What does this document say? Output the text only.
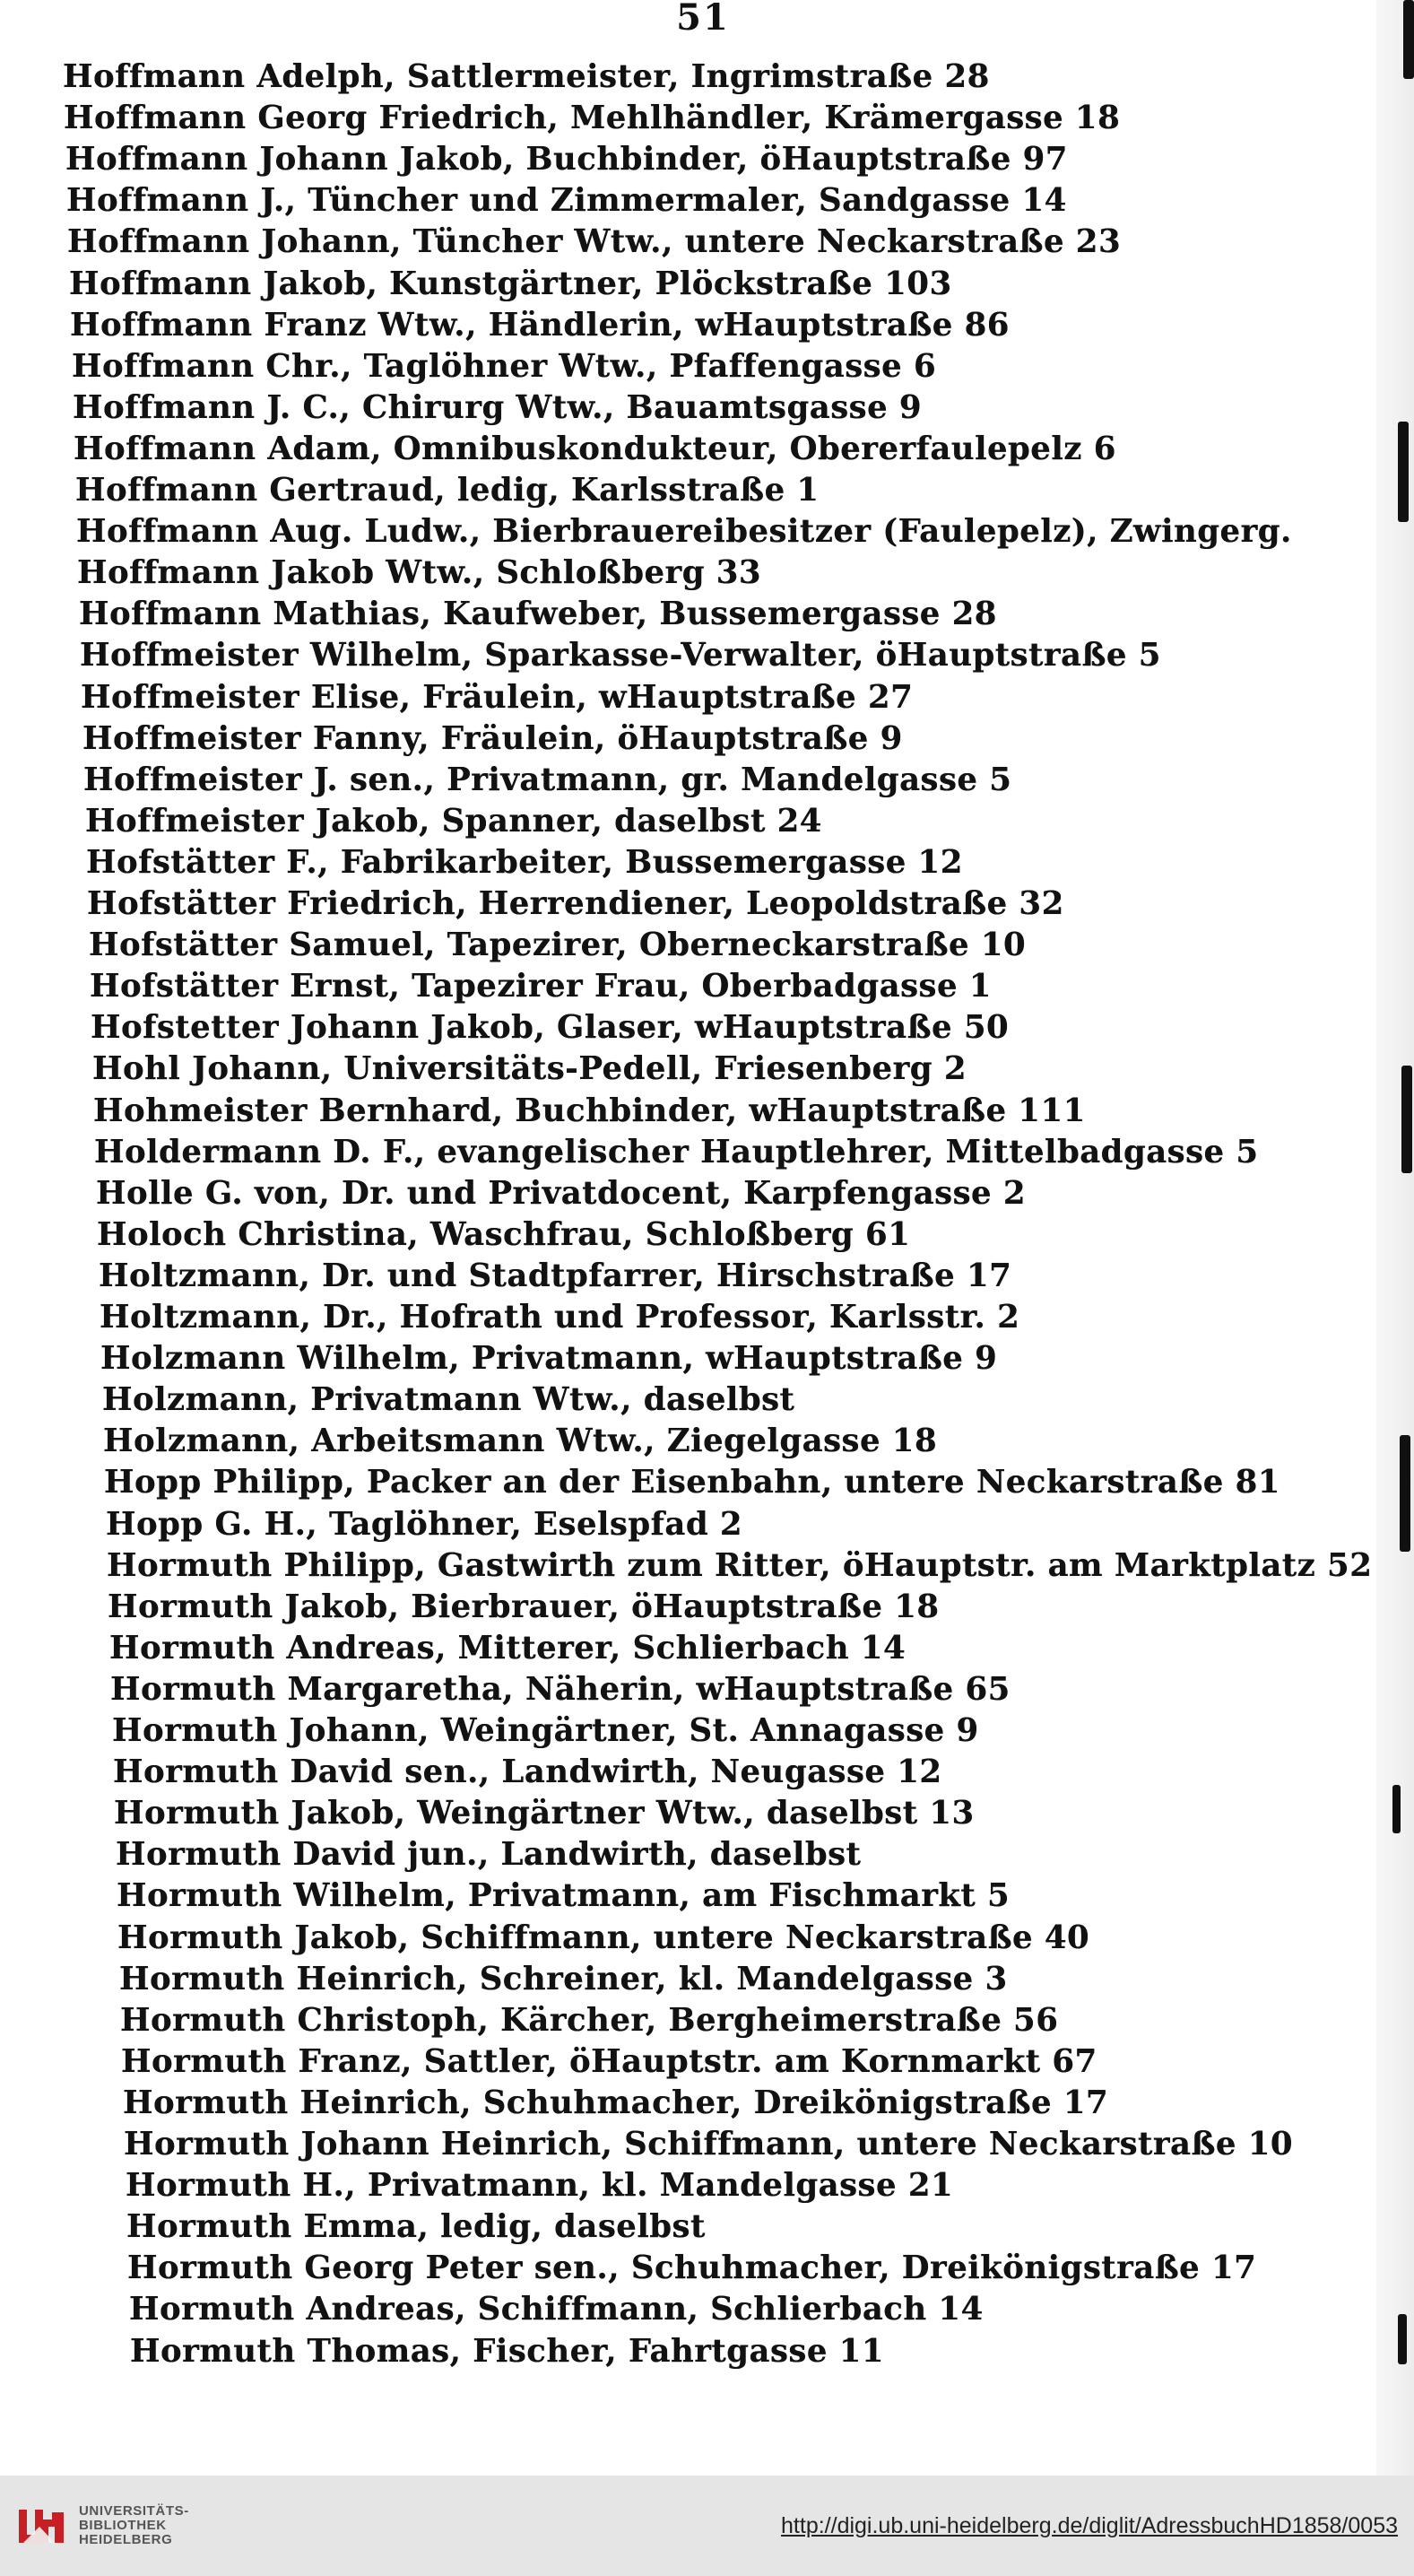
51
Hoffmann Adelph, Sattlermeister, Ingrimstraße 28
Hoffmann Georg Friedrich, Mehlhändler, Krämergasse 18
Hoffmann Johann Jakob, Buchbinder, öHauptstraße 97
Hoffmann J., Tüncher und Zimmermaler, Sandgasse 14
Hoffmann Johann, Tüncher Wtw., untere Neckarstraße 23
Hoffmann Jakob, Kunstgärtner, Plöckstraße 103
Hoffmann Franz Wtw., Händlerin, wHauptstraße 86
Hoffmann Chr., Taglöhner Wtw., Pfaffengasse 6
Hoffmann J. C., Chirurg Wtw., Bauamtsgasse 9
Hoffmann Adam, Omnibuskondukteur, Obererfaulepelz 6
Hoffmann Gertraud, ledig, Karlsstraße 1
Hoffmann Aug. Ludw., Bierbrauereibesitzer (Faulepelz), Zwingerg.
Hoffmann Jakob Wtw., Schloßberg 33
Hoffmann Mathias, Kaufweber, Bussemergasse 28
Hoffmeister Wilhelm, Sparkasse-Verwalter, öHauptstraße 5
Hoffmeister Elise, Fräulein, wHauptstraße 27
Hoffmeister Fanny, Fräulein, öHauptstraße 9
Hoffmeister J. sen., Privatmann, gr. Mandelgasse 5
Hoffmeister Jakob, Spanner, daselbst 24
Hofstätter F., Fabrikarbeiter, Bussemergasse 12
Hofstätter Friedrich, Herrendiener, Leopoldstraße 32
Hofstätter Samuel, Tapezirer, Oberneckarstraße 10
Hofstätter Ernst, Tapezirer Frau, Oberbadgasse 1
Hofstetter Johann Jakob, Glaser, wHauptstraße 50
Hohl Johann, Universitäts-Pedell, Friesenberg 2
Hohmeister Bernhard, Buchbinder, wHauptstraße 111
Holdermann D. F., evangelischer Hauptlehrer, Mittelbadgasse 5
Holle G. von, Dr. und Privatdocent, Karpfengasse 2
Holoch Christina, Waschfrau, Schloßberg 61
Holtzmann, Dr. und Stadtpfarrer, Hirschstraße 17
Holtzmann, Dr., Hofrath und Professor, Karlsstr. 2
Holzmann Wilhelm, Privatmann, wHauptstraße 9
Holzmann, Privatmann Wtw., daselbst
Holzmann, Arbeitsmann Wtw., Ziegelgasse 18
Hopp Philipp, Packer an der Eisenbahn, untere Neckarstraße 81
Hopp G. H., Taglöhner, Eselspfad 2
Hormuth Philipp, Gastwirth zum Ritter, öHauptstr. am Marktplatz 52
Hormuth Jakob, Bierbrauer, öHauptstraße 18
Hormuth Andreas, Mitterer, Schlierbach 14
Hormuth Margaretha, Näherin, wHauptstraße 65
Hormuth Johann, Weingärtner, St. Annagasse 9
Hormuth David sen., Landwirth, Neugasse 12
Hormuth Jakob, Weingärtner Wtw., daselbst 13
Hormuth David jun., Landwirth, daselbst
Hormuth Wilhelm, Privatmann, am Fischmarkt 5
Hormuth Jakob, Schiffmann, untere Neckarstraße 40
Hormuth Heinrich, Schreiner, kl. Mandelgasse 3
Hormuth Christoph, Kärcher, Bergheimerstraße 56
Hormuth Franz, Sattler, öHauptstr. am Kornmarkt 67
Hormuth Heinrich, Schuhmacher, Dreikönigstraße 17
Hormuth Johann Heinrich, Schiffmann, untere Neckarstraße 10
Hormuth H., Privatmann, kl. Mandelgasse 21
Hormuth Emma, ledig, daselbst
Hormuth Georg Peter sen., Schuhmacher, Dreikönigstraße 17
Hormuth Andreas, Schiffmann, Schlierbach 14
Hormuth Thomas, Fischer, Fahrtgasse 11
UNIVERSITÄTS-
BIBLIOTHEK
HEIDELBERG
http://digi.ub.uni-heidelberg.de/diglit/AdressbuchHD1858/0053
